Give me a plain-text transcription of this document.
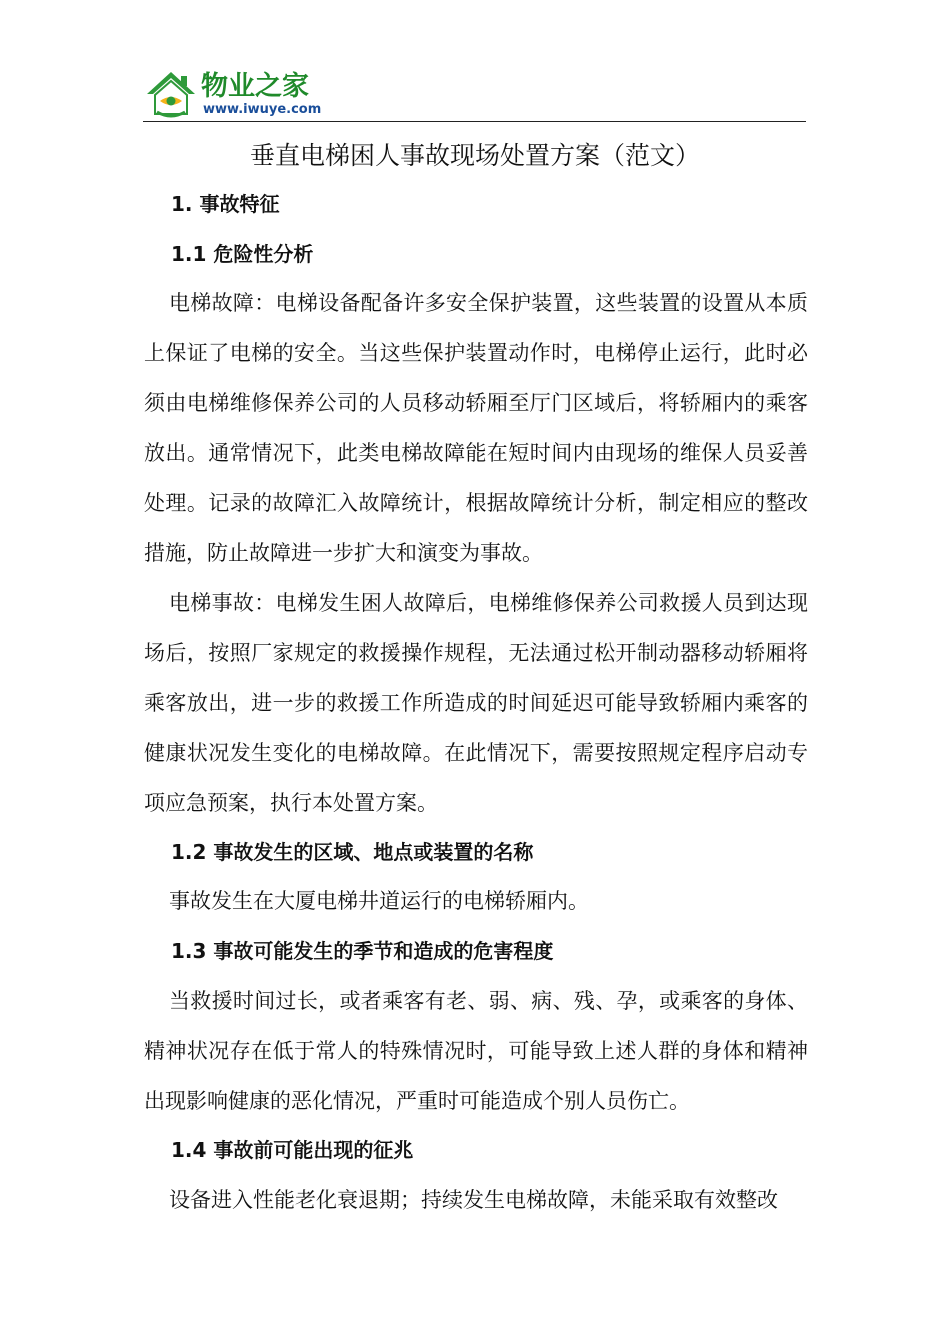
物业之家
www.iwuye.com
垂直电梯困人事故现场处置方案（范文）
1. 事故特征
1.1 危险性分析

电梯故障：电梯设备配备许多安全保护装置，这些装置的设置从本质上保证了电梯的安全。当这些保护装置动作时，电梯停止运行，此时必须由电梯维修保养公司的人员移动轿厢至厅门区域后，将轿厢内的乘客放出。通常情况下，此类电梯故障能在短时间内由现场的维保人员妥善处理。记录的故障汇入故障统计，根据故障统计分析，制定相应的整改措施，防止故障进一步扩大和演变为事故。

电梯事故：电梯发生困人故障后，电梯维修保养公司救援人员到达现场后，按照厂家规定的救援操作规程，无法通过松开制动器移动轿厢将乘客放出，进一步的救援工作所造成的时间延迟可能导致轿厢内乘客的健康状况发生变化的电梯故障。在此情况下，需要按照规定程序启动专项应急预案，执行本处置方案。

1.2 事故发生的区域、地点或装置的名称

事故发生在大厦电梯井道运行的电梯轿厢内。

1.3 事故可能发生的季节和造成的危害程度

当救援时间过长，或者乘客有老、弱、病、残、孕，或乘客的身体、精神状况存在低于常人的特殊情况时，可能导致上述人群的身体和精神出现影响健康的恶化情况，严重时可能造成个别人员伤亡。

1.4 事故前可能出现的征兆

设备进入性能老化衰退期；持续发生电梯故障，未能采取有效整改
